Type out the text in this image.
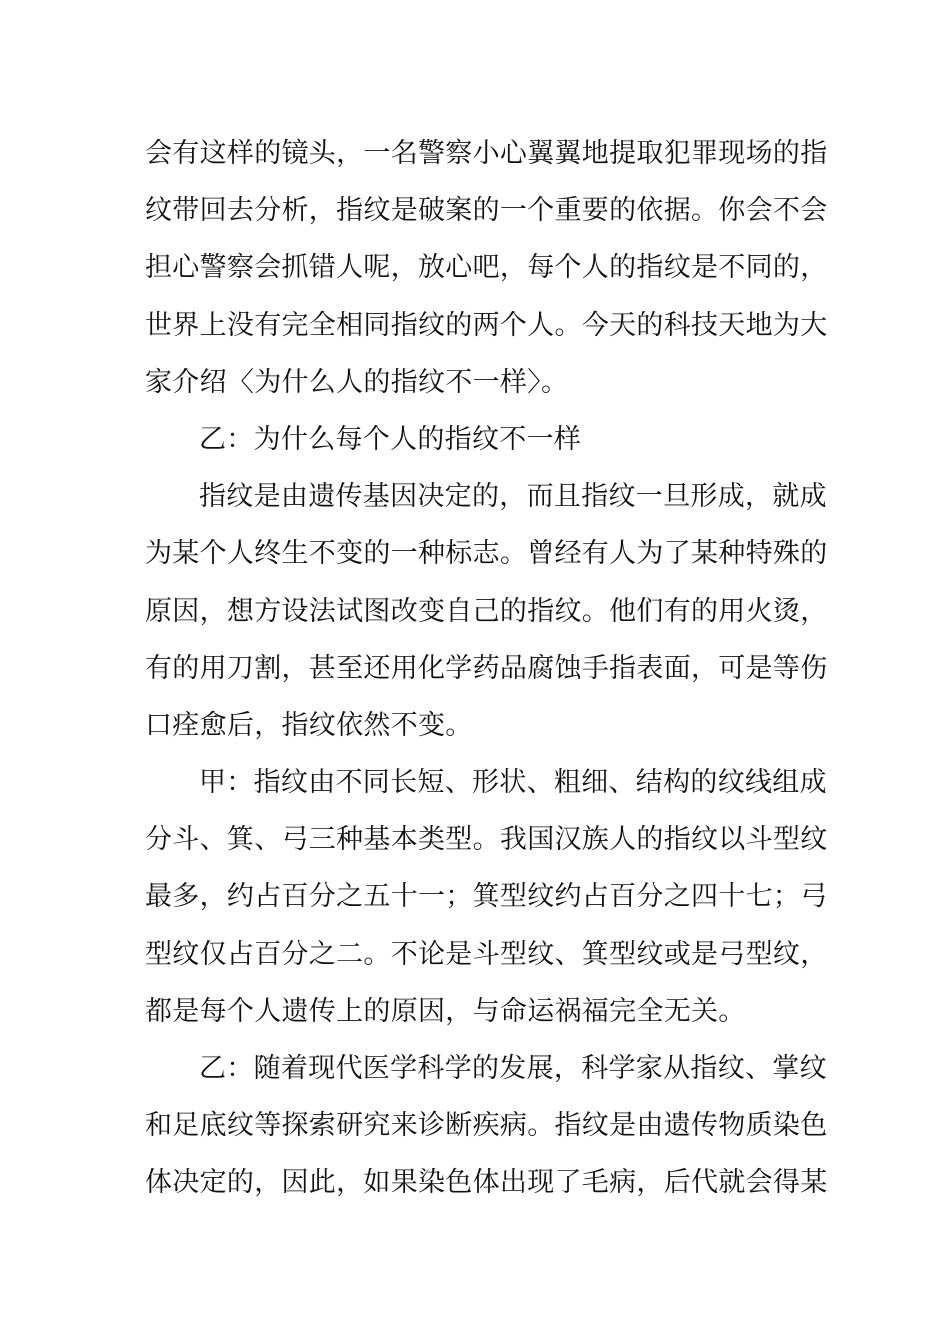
会有这样的镜头，一名警察小心翼翼地提取犯罪现场的指
纹带回去分析，指纹是破案的一个重要的依据。你会不会
担心警察会抓错人呢，放心吧，每个人的指纹是不同的，
世界上没有完全相同指纹的两个人。今天的科技天地为大
家介绍〈为什么人的指纹不一样〉。
乙：为什么每个人的指纹不一样
指纹是由遗传基因决定的，而且指纹一旦形成，就成
为某个人终生不变的一种标志。曾经有人为了某种特殊的
原因，想方设法试图改变自己的指纹。他们有的用火烫，
有的用刀割，甚至还用化学药品腐蚀手指表面，可是等伤
口痊愈后，指纹依然不变。
甲：指纹由不同长短、形状、粗细、结构的纹线组成
分斗、箕、弓三种基本类型。我国汉族人的指纹以斗型纹
最多，约占百分之五十一；箕型纹约占百分之四十七；弓
型纹仅占百分之二。不论是斗型纹、箕型纹或是弓型纹，
都是每个人遗传上的原因，与命运祸福完全无关。
乙：随着现代医学科学的发展，科学家从指纹、掌纹
和足底纹等探索研究来诊断疾病。指纹是由遗传物质染色
体决定的，因此，如果染色体出现了毛病，后代就会得某
